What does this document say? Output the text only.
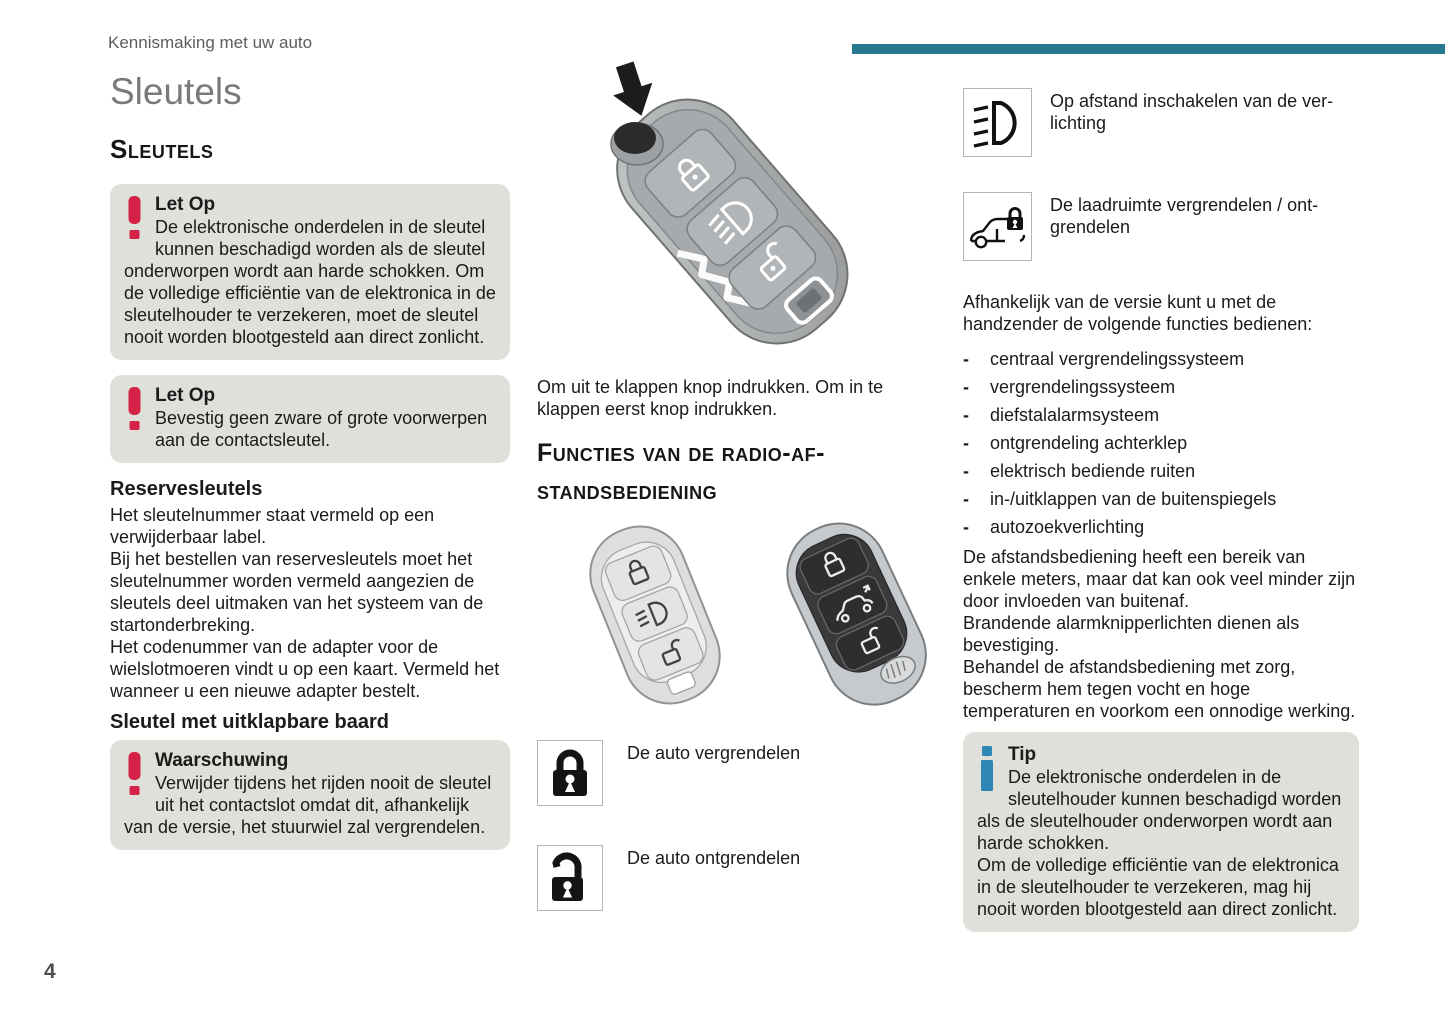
Kennismaking met uw auto
Sleutels
Sleutels
Let Op
De elektronische onderdelen in de sleutel kunnen beschadigd worden als de sleutel onderworpen wordt aan harde schokken. Om de volledige efficiëntie van de elektronica in de sleutelhouder te verzekeren, moet de sleutel nooit worden blootgesteld aan direct zonlicht.
Let Op
Bevestig geen zware of grote voorwerpen aan de contactsleutel.
Reservesleutels

Het sleutelnummer staat vermeld op een verwijderbaar label.

Bij het bestellen van reservesleutels moet het sleutelnummer worden vermeld aangezien de sleutels deel uitmaken van het systeem van de startonderbreking.

Het codenummer van de adapter voor de wielslotmoeren vindt u op een kaart. Vermeld het wanneer u een nieuwe adapter bestelt.

Sleutel met uitklapbare baard
Waarschuwing
Verwijder tijdens het rijden nooit de sleutel uit het contactslot omdat dit, afhankelijk van de versie, het stuurwiel zal vergrendelen.
Om uit te klappen knop indrukken. Om in te klappen eerst knop indrukken.
Functies van de radio-af-
standsbediening
De auto vergrendelen
De auto ontgrendelen
Op afstand inschakelen van de ver-
lichting
De laadruimte vergrendelen / ont-
grendelen
Afhankelijk van de versie kunt u met de handzender de volgende functies bedienen:
-
centraal vergrendelingssysteem
-
vergrendelingssysteem
-
diefstalalarmsysteem
-
ontgrendeling achterklep
-
elektrisch bediende ruiten
-
in-/uitklappen van de buitenspiegels
-
autozoekverlichting

De afstandsbediening heeft een bereik van enkele meters, maar dat kan ook veel minder zijn door invloeden van buitenaf.

Brandende alarmknipperlichten dienen als bevestiging.

Behandel de afstandsbediening met zorg, bescherm hem tegen vocht en hoge temperaturen en voorkom een onnodige werking.

Tip
De elektronische onderdelen in de sleutelhouder kunnen beschadigd worden als de sleutelhouder onderworpen wordt aan harde schokken.
Om de volledige efficiëntie van de elektronica in de sleutelhouder te verzekeren, mag hij nooit worden blootgesteld aan direct zonlicht.
4
